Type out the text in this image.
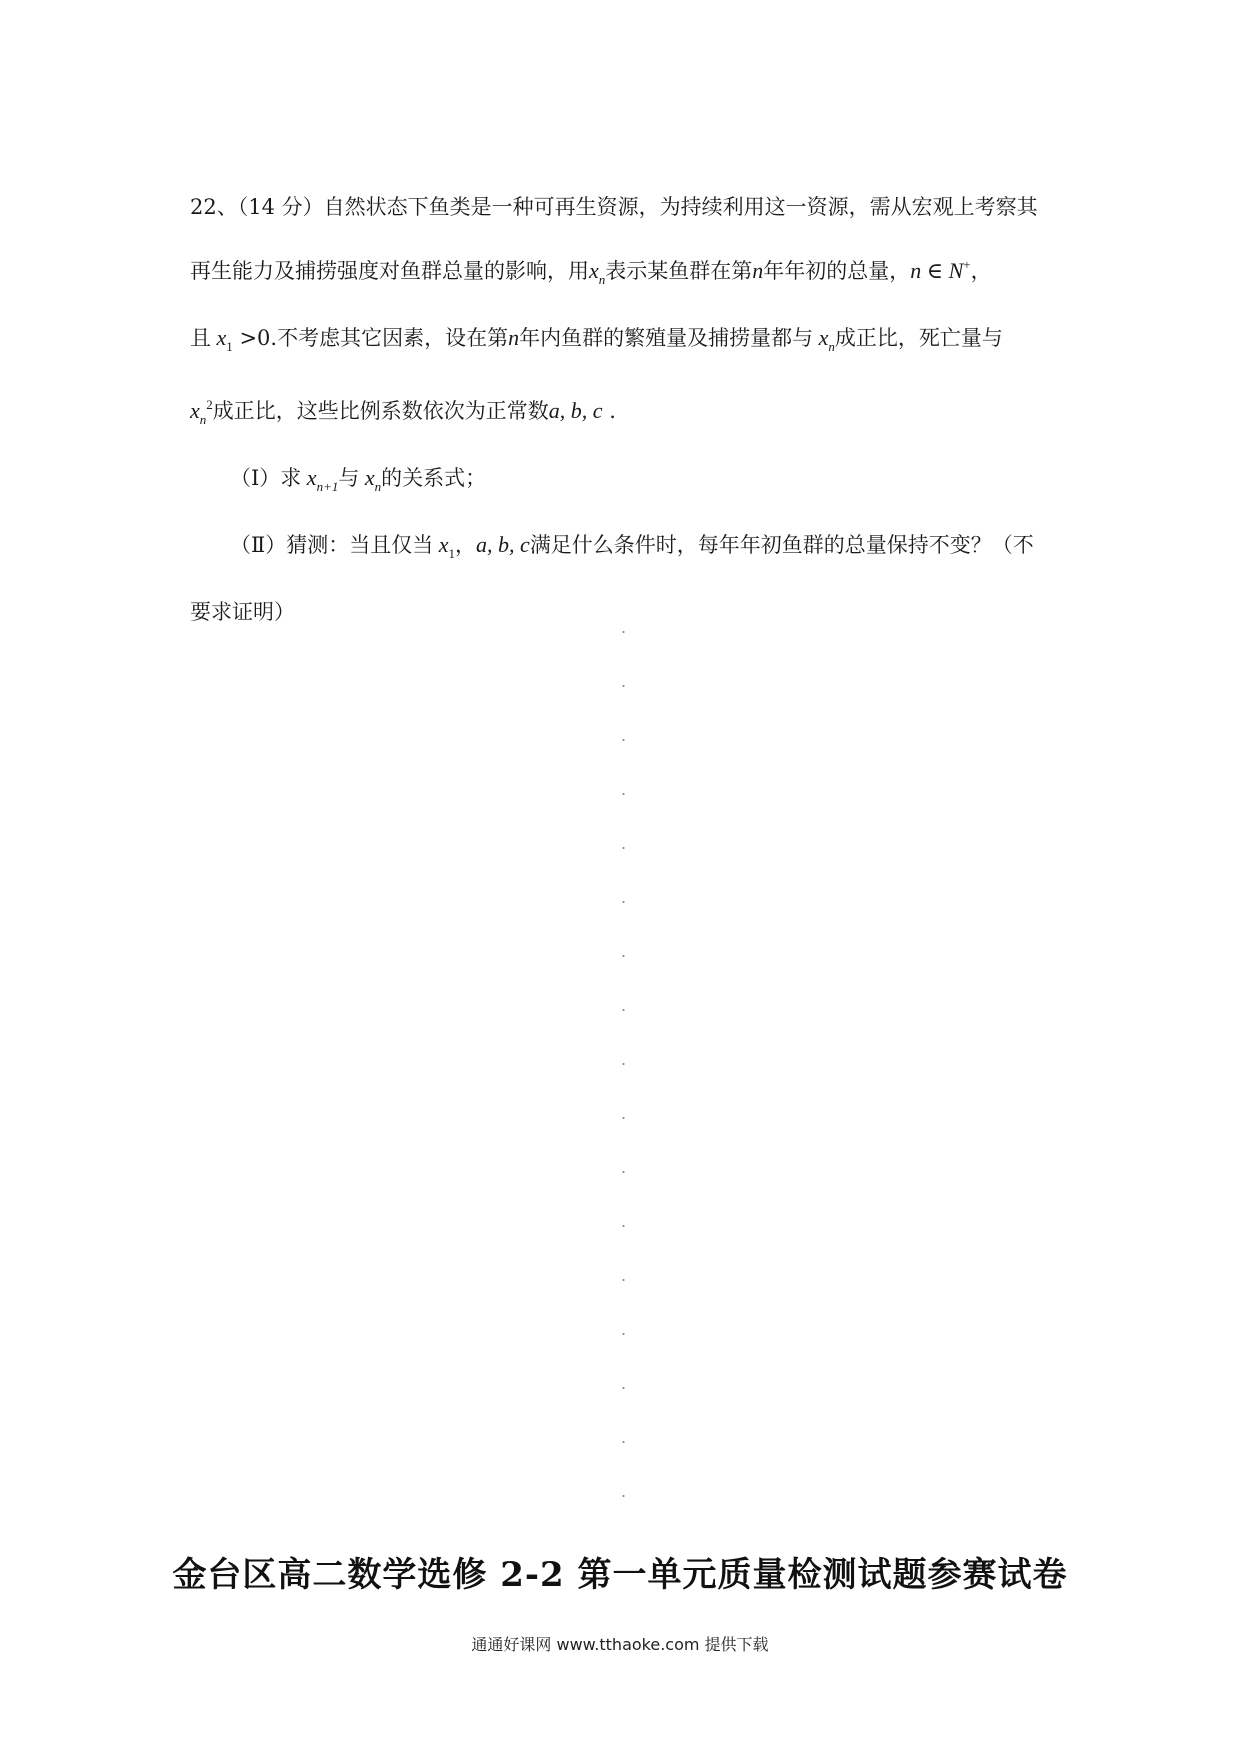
22、（14 分）自然状态下鱼类是一种可再生资源，为持续利用这一资源，需从宏观上考察其
再生能力及捕捞强度对鱼群总量的影响，用$x_n$表示某鱼群在第n年年初的总量，n ∈ N+，
且 $x_1 >0$.不考虑其它因素，设在第n年内鱼群的繁殖量及捕捞量都与 $x_n$成正比，死亡量与
$x_n^2$成正比，这些比例系数依次为正常数a, b, c .
（Ⅰ）求 $x_{n+1}$与 $x_n$的关系式；
（Ⅱ）猜测：当且仅当 $x_1$，a, b, c满足什么条件时，每年年初鱼群的总量保持不变？（不
要求证明）
金台区高二数学选修 2-2 第一单元质量检测试题参赛试卷
通通好课网 www.tthaoke.com 提供下载
